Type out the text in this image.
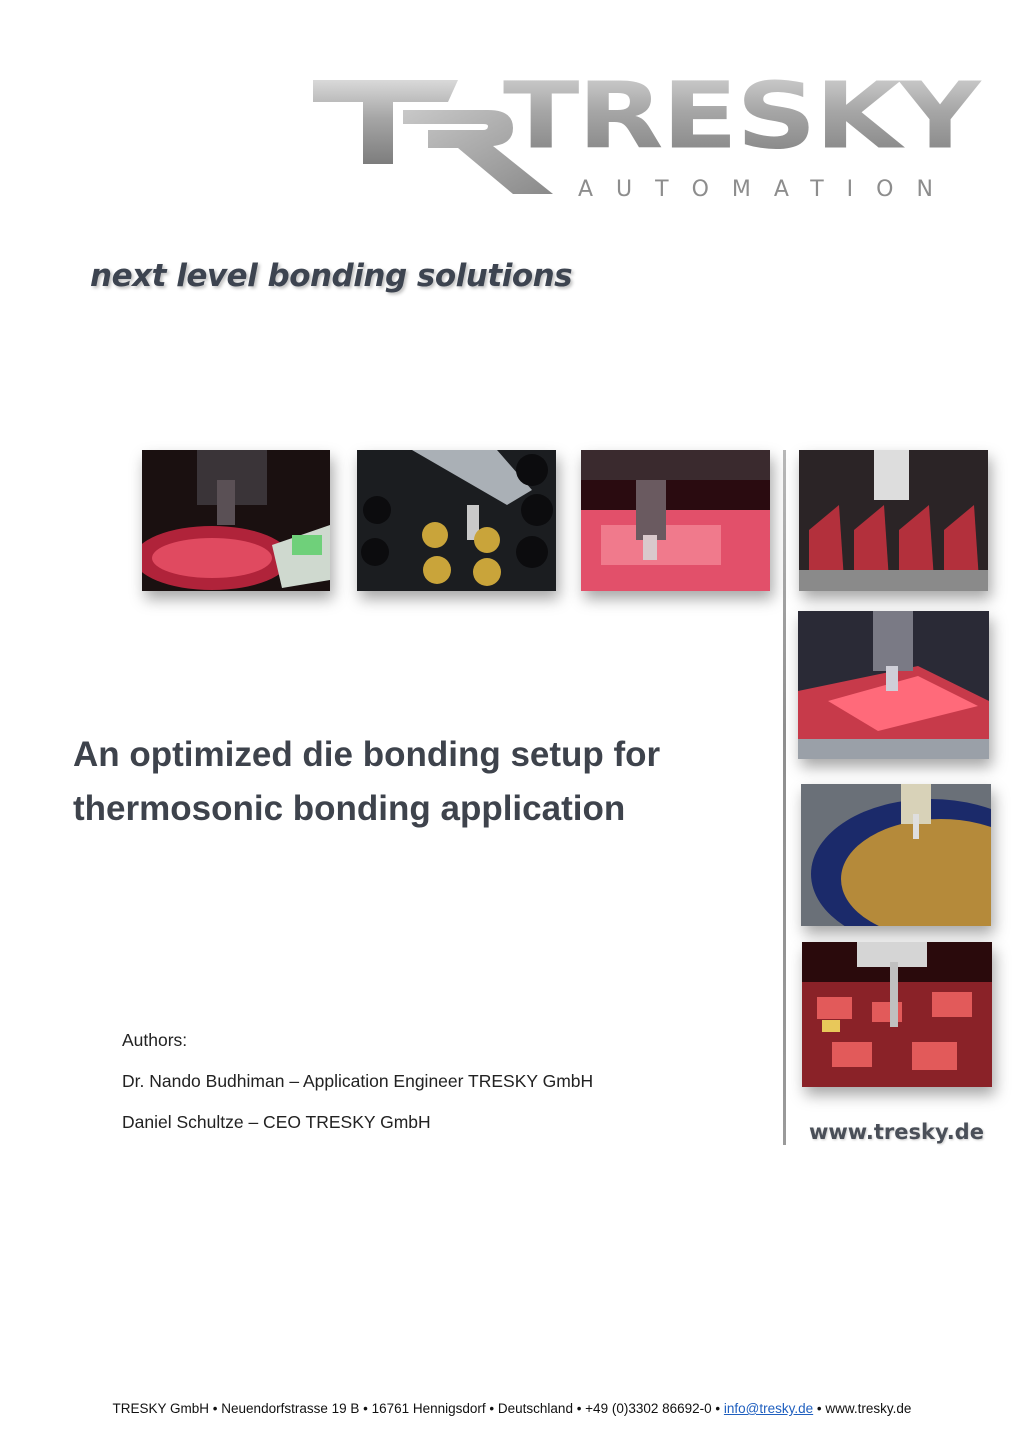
TRESKY
AUTOMATION
next level bonding solutions
www.tresky.de
An optimized die bonding setup for
thermosonic bonding application
Authors:
Dr. Nando Budhiman – Application Engineer TRESKY GmbH
Daniel Schultze – CEO TRESKY GmbH
TRESKY GmbH • Neuendorfstrasse 19 B • 16761 Hennigsdorf • Deutschland • +49 (0)3302 86692-0 • info@tresky.de • www.tresky.de
